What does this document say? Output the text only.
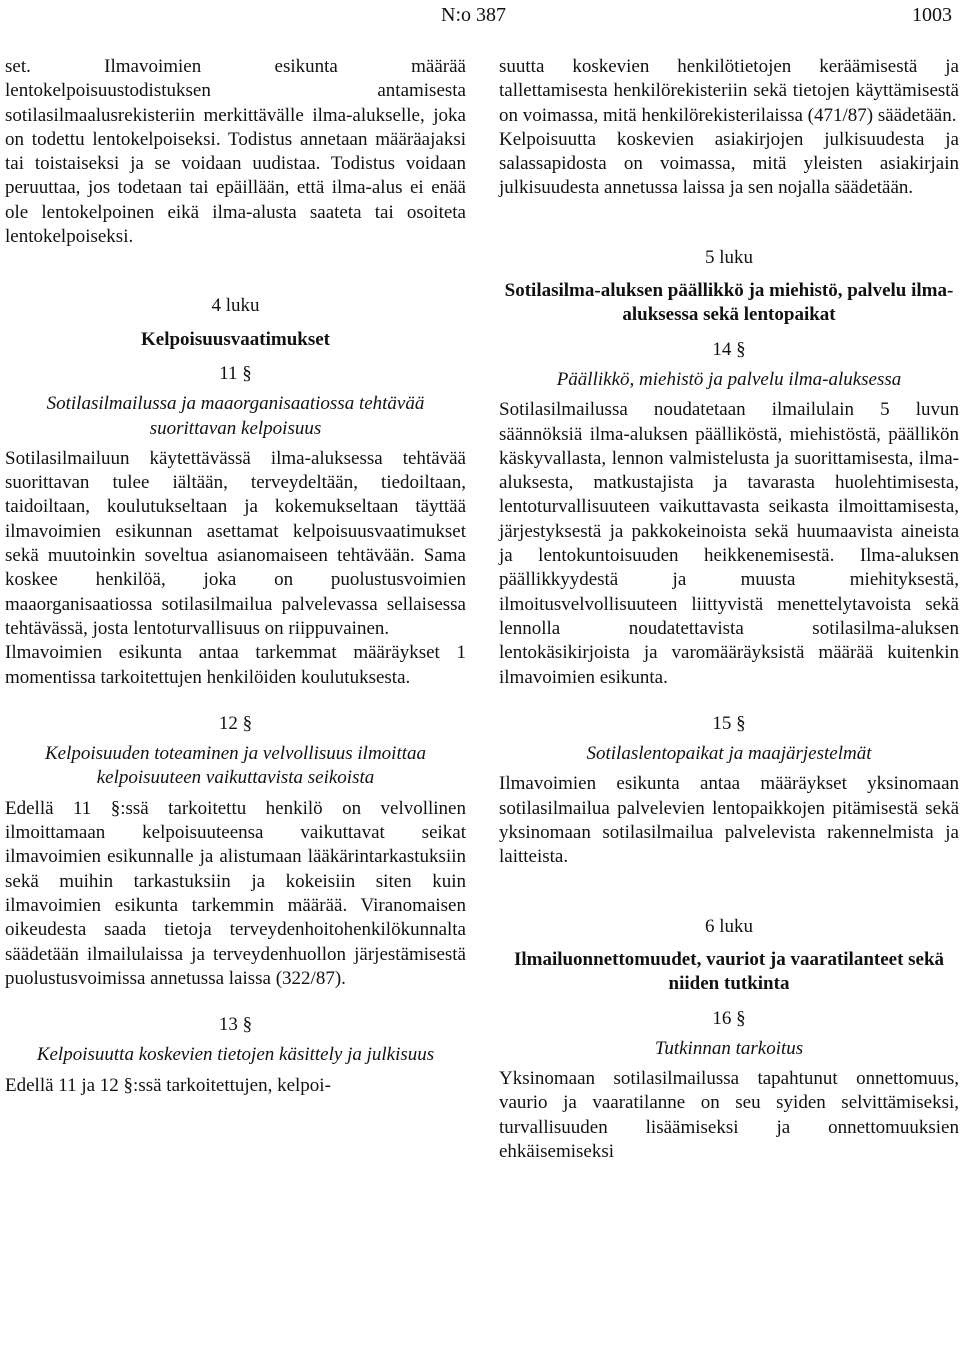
N:o 387	1003

set. Ilmavoimien esikunta määrää lentokelpoisuustodistuksen antamisesta sotilasilmaalusrekisteriin merkittävälle ilma-alukselle, joka on todettu lentokelpoiseksi. Todistus annetaan määräajaksi tai toistaiseksi ja se voidaan uudistaa. Todistus voidaan peruuttaa, jos todetaan tai epäillään, että ilma-alus ei enää ole lentokelpoinen eikä ilma-alusta saateta tai osoiteta lentokelpoiseksi.

4 luku

Kelpoisuusvaatimukset

11 §

Sotilasilmailussa ja maaorganisaatiossa tehtävää suorittavan kelpoisuus

Sotilasilmailuun käytettävässä ilma-aluksessa tehtävää suorittavan tulee iältään, terveydeltään, tiedoiltaan, taidoiltaan, koulutukseltaan ja kokemukseltaan täyttää ilmavoimien esikunnan asettamat kelpoisuusvaatimukset sekä muutoinkin soveltua asianomaiseen tehtävään. Sama koskee henkilöä, joka on puolustusvoimien maaorganisaatiossa sotilasilmailua palvelevassa sellaisessa tehtävässä, josta lentoturvallisuus on riippuvainen.

Ilmavoimien esikunta antaa tarkemmat määräykset 1 momentissa tarkoitettujen henkilöiden koulutuksesta.

12 §

Kelpoisuuden toteaminen ja velvollisuus ilmoittaa kelpoisuuteen vaikuttavista seikoista

Edellä 11 §:ssä tarkoitettu henkilö on velvollinen ilmoittamaan kelpoisuuteensa vaikuttavat seikat ilmavoimien esikunnalle ja alistumaan lääkärintarkastuksiin sekä muihin tarkastuksiin ja kokeisiin siten kuin ilmavoimien esikunta tarkemmin määrää. Viranomaisen oikeudesta saada tietoja terveydenhoitohenkilökunnalta säädetään ilmailulaissa ja terveydenhuollon järjestämisestä puolustusvoimissa annetussa laissa (322/87).

13 §

Kelpoisuutta koskevien tietojen käsittely ja julkisuus

Edellä 11 ja 12 §:ssä tarkoitettujen, kelpoi-

suutta koskevien henkilötietojen keräämisestä ja tallettamisesta henkilörekisteriin sekä tietojen käyttämisestä on voimassa, mitä henkilörekisterilaissa (471/87) säädetään.

Kelpoisuutta koskevien asiakirjojen julkisuudesta ja salassapidosta on voimassa, mitä yleisten asiakirjain julkisuudesta annetussa laissa ja sen nojalla säädetään.

5 luku

Sotilasilma-aluksen päällikkö ja miehistö, palvelu ilma-aluksessa sekä lentopaikat

14 §

Päällikkö, miehistö ja palvelu ilma-aluksessa

Sotilasilmailussa noudatetaan ilmailulain 5 luvun säännöksiä ilma-aluksen päälliköstä, miehistöstä, päällikön käskyvallasta, lennon valmistelusta ja suorittamisesta, ilma-aluksesta, matkustajista ja tavarasta huolehtimisesta, lentoturvallisuuteen vaikuttavasta seikasta ilmoittamisesta, järjestyksestä ja pakkokeinoista sekä huumaavista aineista ja lentokuntoisuuden heikkenemisestä. Ilma-aluksen päällikkyydestä ja muusta miehityksestä, ilmoitusvelvollisuuteen liittyvistä menettelytavoista sekä lennolla noudatettavista sotilasilma-aluksen lentokäsikirjoista ja varomääräyksistä määrää kuitenkin ilmavoimien esikunta.

15 §

Sotilaslentopaikat ja maajärjestelmät

Ilmavoimien esikunta antaa määräykset yksinomaan sotilasilmailua palvelevien lentopaikkojen pitämisestä sekä yksinomaan sotilasilmailua palvelevista rakennelmista ja laitteista.

6 luku

Ilmailuonnettomuudet, vauriot ja vaaratilanteet sekä niiden tutkinta

16 §

Tutkinnan tarkoitus

Yksinomaan sotilasilmailussa tapahtunut onnettomuus, vaurio ja vaaratilanne on seu syiden selvittämiseksi, turvallisuuden lisäämiseksi ja onnettomuuksien ehkäisemiseksi
